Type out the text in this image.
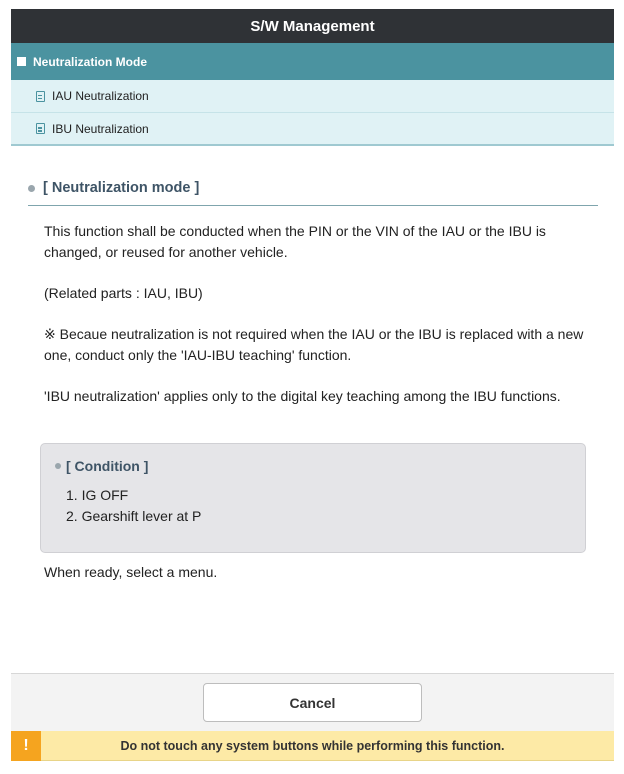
S/W Management
Neutralization Mode
IAU Neutralization
IBU Neutralization
[ Neutralization mode ]

This function shall be conducted when the PIN or the VIN of the IAU or the IBU is changed, or reused for another vehicle.

(Related parts : IAU, IBU)

※ Becaue neutralization is not required when the IAU or the IBU is replaced with a new one, conduct only the 'IAU-IBU teaching' function.

'IBU neutralization' applies only to the digital key teaching among the IBU functions.

[ Condition ]
1. IG OFF
2. Gearshift lever at P
When ready, select a menu.
Cancel
!	Do not touch any system buttons while performing this function.
